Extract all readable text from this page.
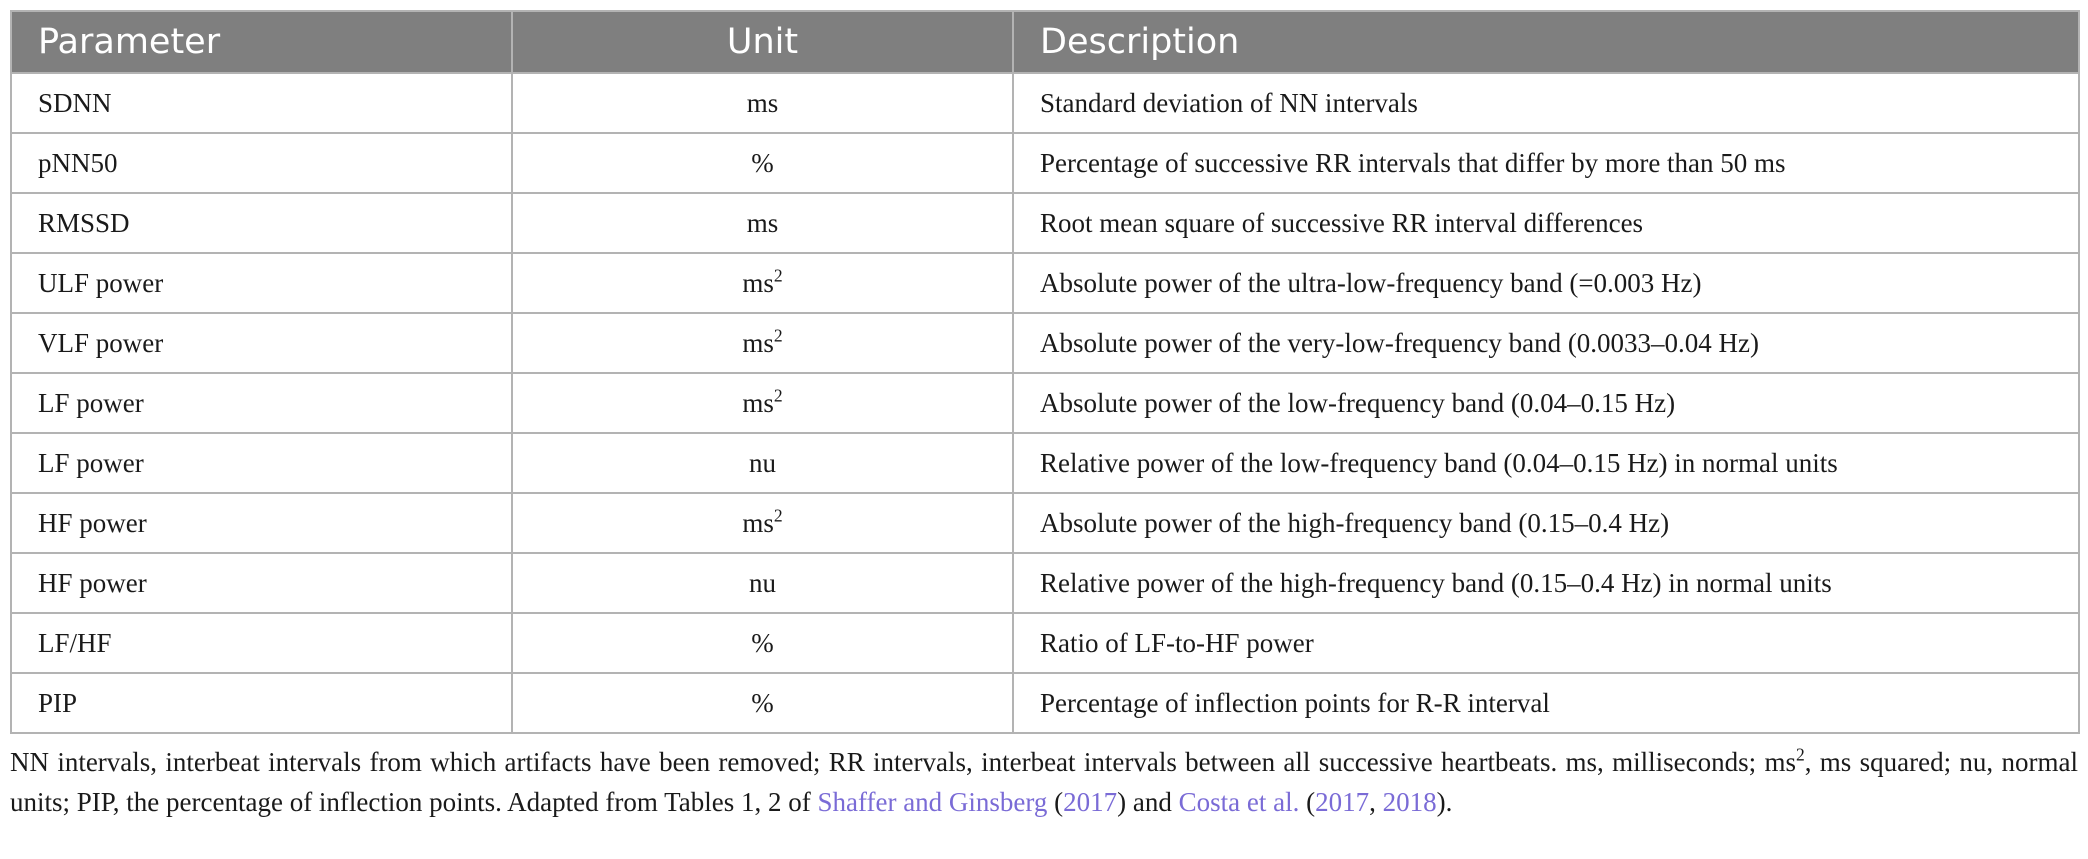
Parameter	Unit	Description
SDNN	ms	Standard deviation of NN intervals
pNN50	%	Percentage of successive RR intervals that differ by more than 50 ms
RMSSD	ms	Root mean square of successive RR interval differences
ULF power	$ms^2$	Absolute power of the ultra-low-frequency band (=0.003 Hz)
VLF power	$ms^2$	Absolute power of the very-low-frequency band (0.0033–0.04 Hz)
LF power	$ms^2$	Absolute power of the low-frequency band (0.04–0.15 Hz)
LF power	nu	Relative power of the low-frequency band (0.04–0.15 Hz) in normal units
HF power	$ms^2$	Absolute power of the high-frequency band (0.15–0.4 Hz)
HF power	nu	Relative power of the high-frequency band (0.15–0.4 Hz) in normal units
LF/HF	%	Ratio of LF-to-HF power
PIP	%	Percentage of inflection points for R-R interval
NN intervals, interbeat intervals from which artifacts have been removed; RR intervals, interbeat intervals between all successive heartbeats. ms, milliseconds; $ms^2$, ms squared; nu, normal units; PIP, the percentage of inflection points. Adapted from Tables 1, 2 of Shaffer and Ginsberg (2017) and Costa et al. (2017, 2018).
